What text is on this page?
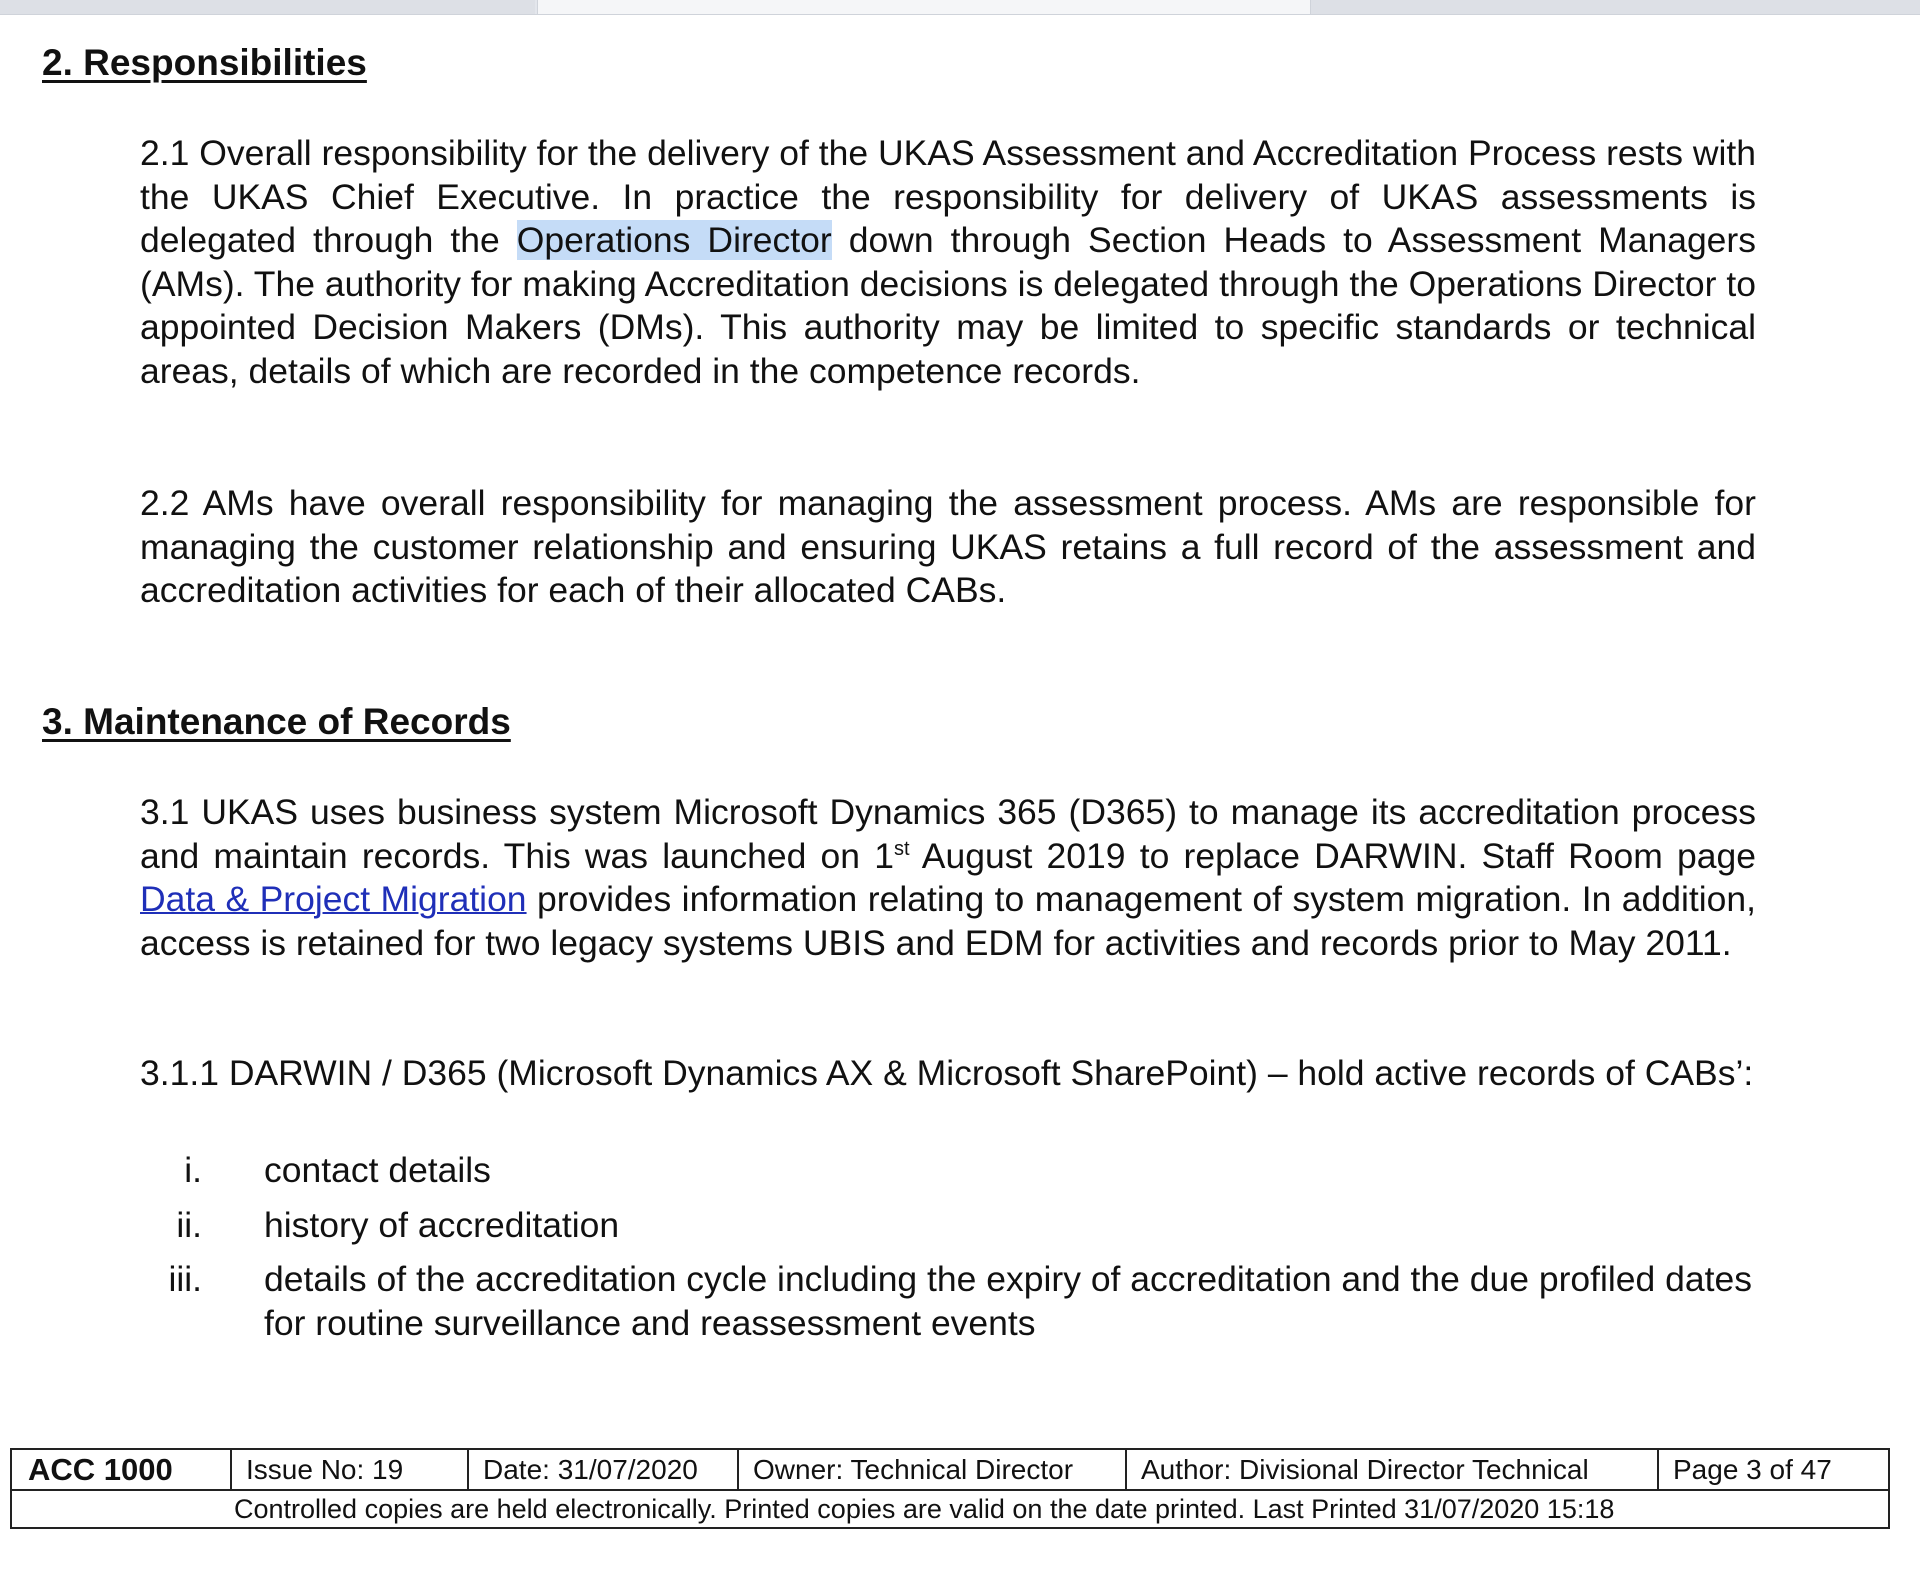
2. Responsibilities

2.1 Overall responsibility for the delivery of the UKAS Assessment and Accreditation Process rests with the UKAS Chief Executive. In practice the responsibility for delivery of UKAS assessments is delegated through the Operations Director down through Section Heads to Assessment Managers (AMs). The authority for making Accreditation decisions is delegated through the Operations Director to appointed Decision Makers (DMs). This authority may be limited to specific standards or technical areas, details of which are recorded in the competence records.

2.2 AMs have overall responsibility for managing the assessment process. AMs are responsible for managing the customer relationship and ensuring UKAS retains a full record of the assessment and accreditation activities for each of their allocated CABs.

3. Maintenance of Records

3.1 UKAS uses business system Microsoft Dynamics 365 (D365) to manage its accreditation process and maintain records. This was launched on 1st August 2019 to replace DARWIN. Staff Room page Data & Project Migration provides information relating to management of system migration. In addition, access is retained for two legacy systems UBIS and EDM for activities and records prior to May 2011.

3.1.1 DARWIN / D365 (Microsoft Dynamics AX & Microsoft SharePoint) – hold active records of CABs’:

i. contact details
ii. history of accreditation
iii. details of the accreditation cycle including the expiry of accreditation and the due profiled dates for routine surveillance and reassessment events
ACC 1000	Issue No: 19	Date: 31/07/2020	Owner: Technical Director	Author: Divisional Director Technical	Page 3 of 47
Controlled copies are held electronically. Printed copies are valid on the date printed. Last Printed 31/07/2020 15:18
